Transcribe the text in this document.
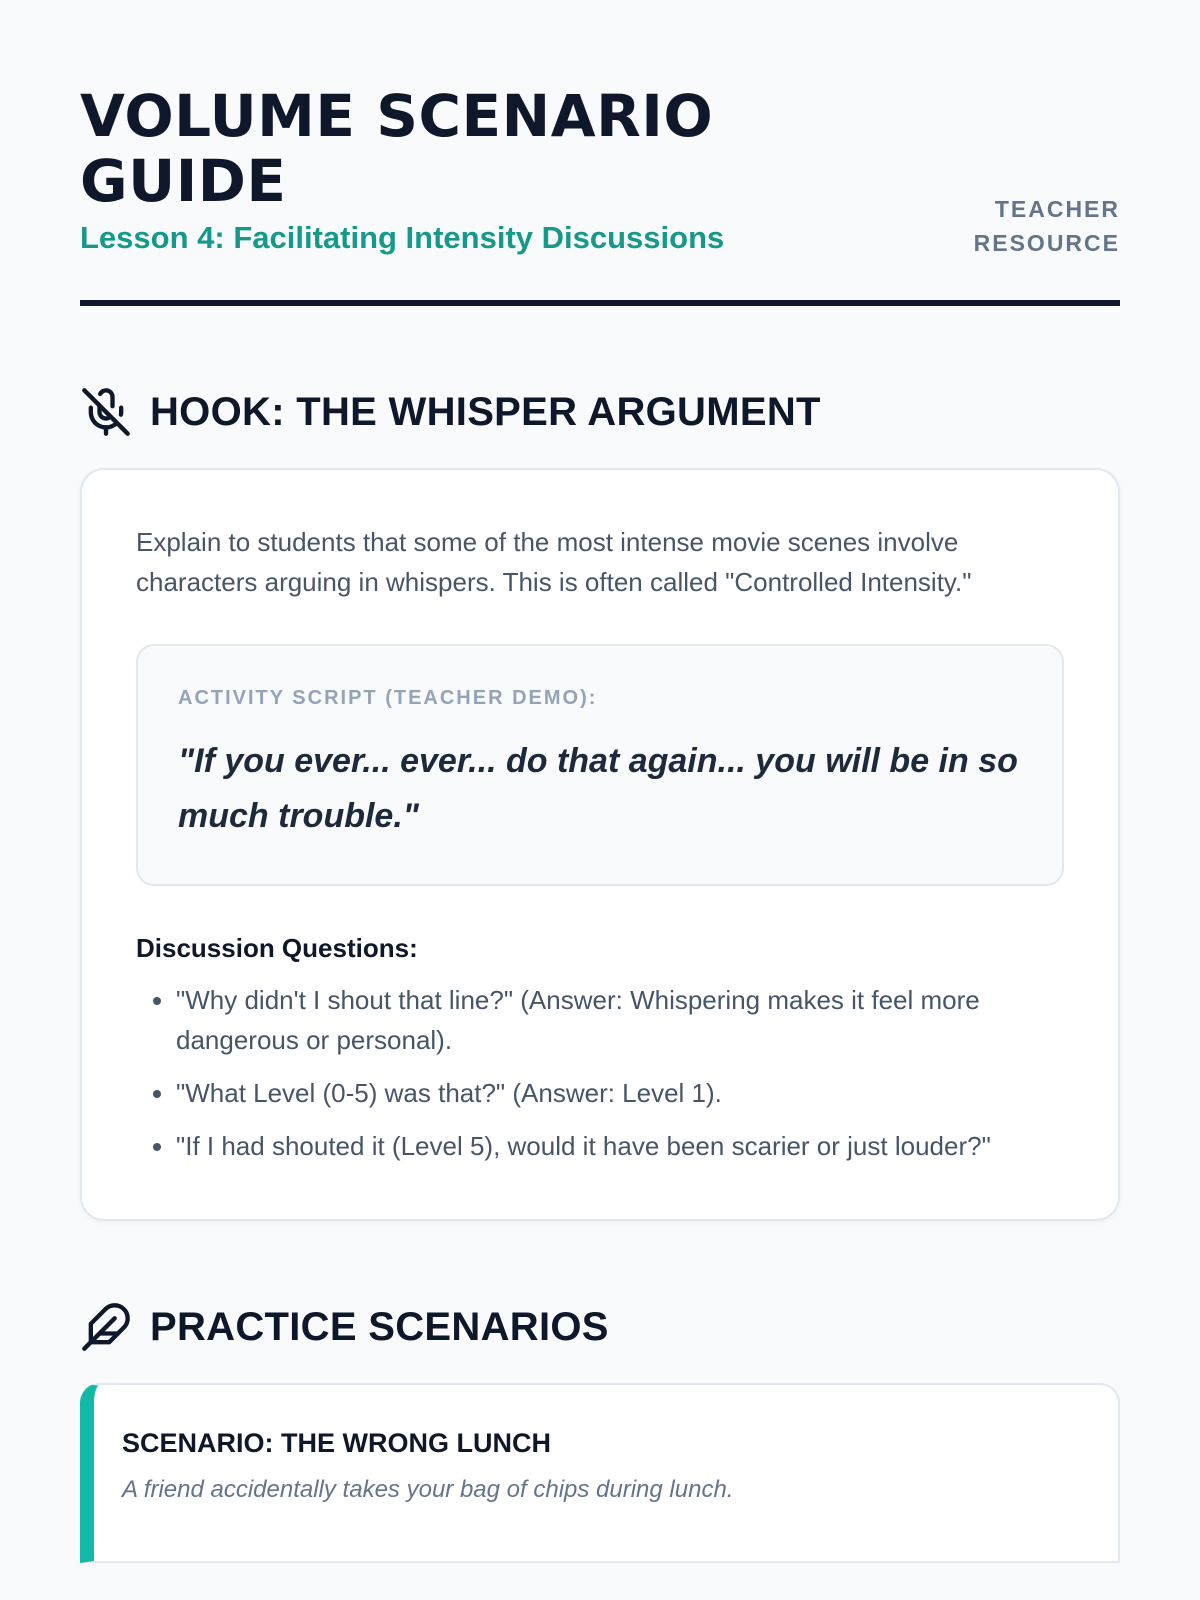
VOLUME SCENARIO GUIDE
Lesson 4: Facilitating Intensity Discussions
TEACHER RESOURCE
HOOK: THE WHISPER ARGUMENT

Explain to students that some of the most intense movie scenes involve characters arguing in whispers. This is often called "Controlled Intensity."

ACTIVITY SCRIPT (TEACHER DEMO):
"If you ever... ever... do that again... you will be in so much trouble."
Discussion Questions:
• "Why didn't I shout that line?" (Answer: Whispering makes it feel more dangerous or personal).
• "What Level (0-5) was that?" (Answer: Level 1).
• "If I had shouted it (Level 5), would it have been scarier or just louder?"
PRACTICE SCENARIOS
SCENARIO: THE WRONG LUNCH
A friend accidentally takes your bag of chips during lunch.
